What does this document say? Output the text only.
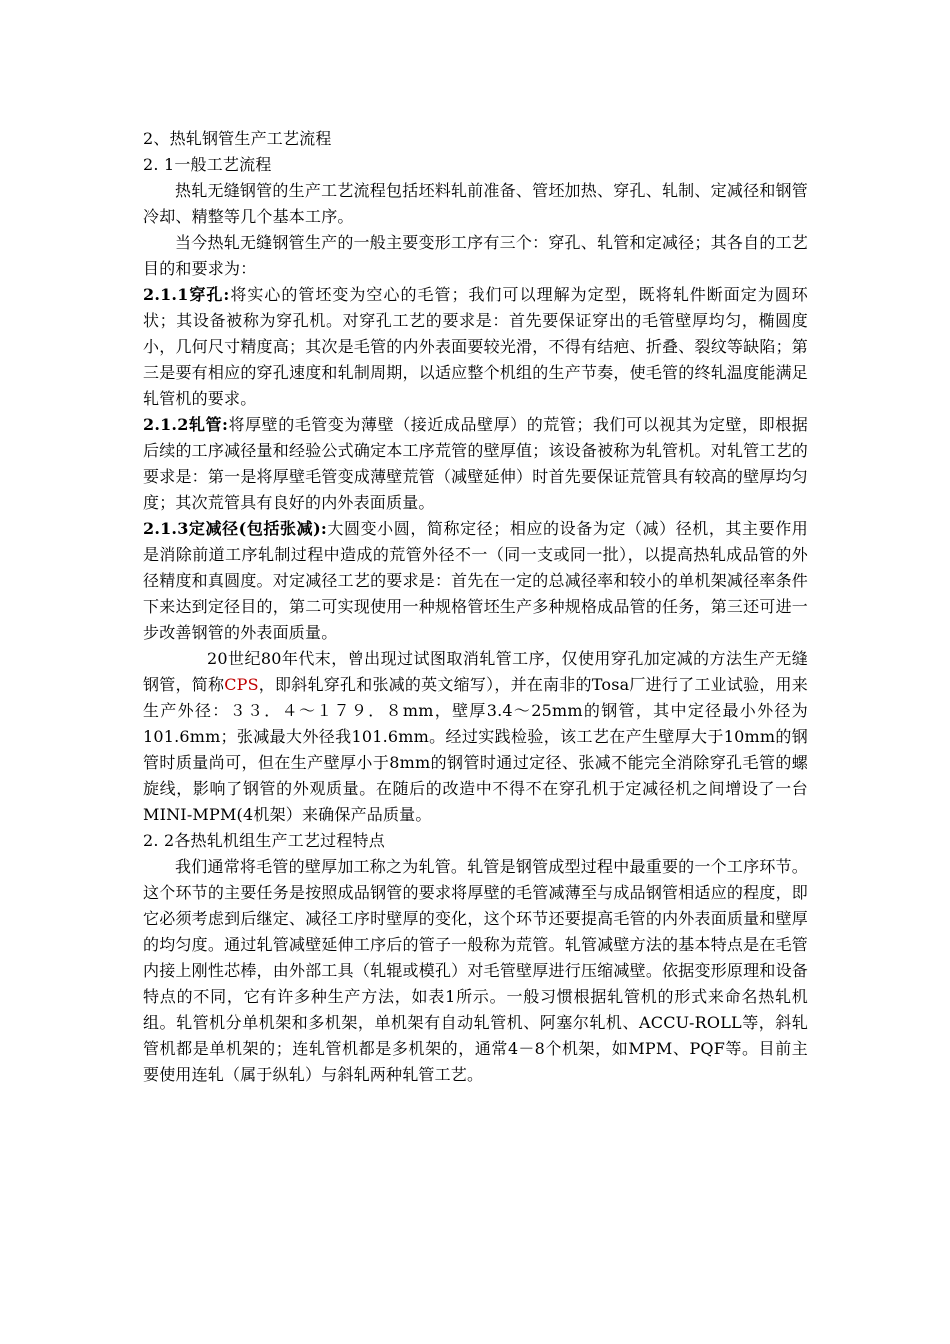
2、热轧钢管生产工艺流程

2. 1一般工艺流程

热轧无缝钢管的生产工艺流程包括坯料轧前准备、管坯加热、穿孔、轧制、定减径和钢管冷却、精整等几个基本工序。

当今热轧无缝钢管生产的一般主要变形工序有三个：穿孔、轧管和定减径；其各自的工艺目的和要求为：

2.1.1穿孔:将实心的管坯变为空心的毛管；我们可以理解为定型，既将轧件断面定为圆环状；其设备被称为穿孔机。对穿孔工艺的要求是：首先要保证穿出的毛管壁厚均匀，椭圆度小，几何尺寸精度高；其次是毛管的内外表面要较光滑，不得有结疤、折叠、裂纹等缺陷；第三是要有相应的穿孔速度和轧制周期，以适应整个机组的生产节奏，使毛管的终轧温度能满足轧管机的要求。

2.1.2轧管:将厚壁的毛管变为薄壁（接近成品壁厚）的荒管；我们可以视其为定壁，即根据后续的工序减径量和经验公式确定本工序荒管的壁厚值；该设备被称为轧管机。对轧管工艺的要求是：第一是将厚壁毛管变成薄壁荒管（减壁延伸）时首先要保证荒管具有较高的壁厚均匀度；其次荒管具有良好的内外表面质量。

2.1.3定减径(包括张减):大圆变小圆，简称定径；相应的设备为定（减）径机，其主要作用是消除前道工序轧制过程中造成的荒管外径不一（同一支或同一批），以提高热轧成品管的外径精度和真圆度。对定减径工艺的要求是：首先在一定的总减径率和较小的单机架减径率条件下来达到定径目的，第二可实现使用一种规格管坯生产多种规格成品管的任务，第三还可进一步改善钢管的外表面质量。

20世纪80年代末，曾出现过试图取消轧管工序，仅使用穿孔加定减的方法生产无缝钢管，简称CPS，即斜轧穿孔和张减的英文缩写），并在南非的Tosa厂进行了工业试验，用来生产外径：３３．４～１７９．８mm，壁厚3.4～25mm的钢管，其中定径最小外径为101.6mm；张减最大外径我101.6mm。经过实践检验，该工艺在产生壁厚大于10mm的钢管时质量尚可，但在生产壁厚小于8mm的钢管时通过定径、张减不能完全消除穿孔毛管的螺旋线，影响了钢管的外观质量。在随后的改造中不得不在穿孔机于定减径机之间增设了一台MINI-MPM(4机架）来确保产品质量。

2. 2各热轧机组生产工艺过程特点

我们通常将毛管的壁厚加工称之为轧管。轧管是钢管成型过程中最重要的一个工序环节。这个环节的主要任务是按照成品钢管的要求将厚壁的毛管减薄至与成品钢管相适应的程度，即它必须考虑到后继定、减径工序时壁厚的变化，这个环节还要提高毛管的内外表面质量和壁厚的均匀度。通过轧管减壁延伸工序后的管子一般称为荒管。轧管减壁方法的基本特点是在毛管内接上刚性芯棒，由外部工具（轧辊或模孔）对毛管壁厚进行压缩减壁。依据变形原理和设备特点的不同，它有许多种生产方法，如表1所示。一般习惯根据轧管机的形式来命名热轧机组。轧管机分单机架和多机架，单机架有自动轧管机、阿塞尔轧机、ACCU-ROLL等，斜轧管机都是单机架的；连轧管机都是多机架的，通常4－8个机架，如MPM、PQF等。目前主要使用连轧（属于纵轧）与斜轧两种轧管工艺。
